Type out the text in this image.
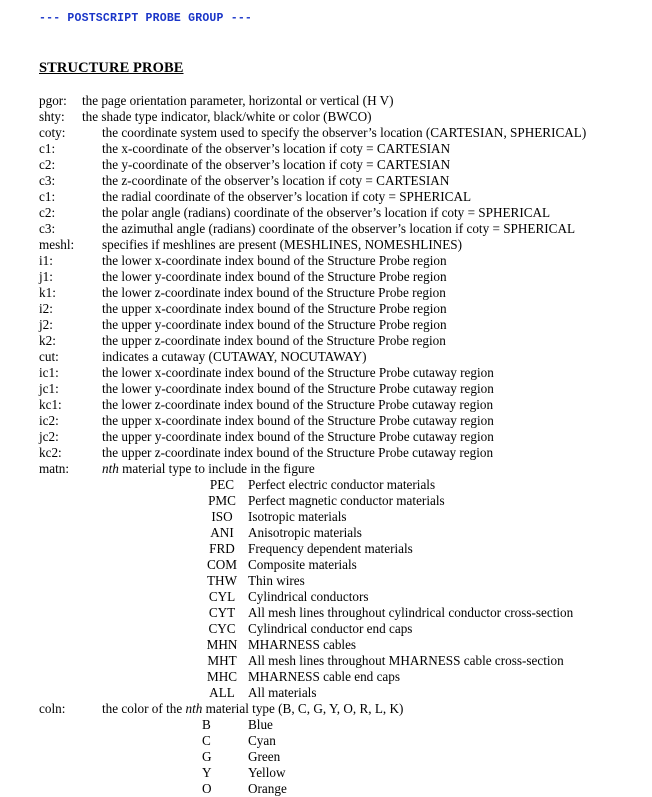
--- POSTSCRIPT PROBE GROUP ---
STRUCTURE PROBE
pgor: the page orientation parameter, horizontal or vertical (H V)
shty: the shade type indicator, black/white or color (BWCO)
coty:	the coordinate system used to specify the observer’s location (CARTESIAN, SPHERICAL)
c1:	the x-coordinate of the observer’s location if coty = CARTESIAN
c2:	the y-coordinate of the observer’s location if coty = CARTESIAN
c3:	the z-coordinate of the observer’s location if coty = CARTESIAN
c1:	the radial coordinate of the observer’s location if coty = SPHERICAL
c2:	the polar angle (radians) coordinate of the observer’s location if coty = SPHERICAL
c3:	the azimuthal angle (radians) coordinate of the observer’s location if coty = SPHERICAL
meshl: specifies if meshlines are present (MESHLINES, NOMESHLINES)
i1:	the lower x-coordinate index bound of the Structure Probe region
j1:	the lower y-coordinate index bound of the Structure Probe region
k1:	the lower z-coordinate index bound of the Structure Probe region
i2:	the upper x-coordinate index bound of the Structure Probe region
j2:	the upper y-coordinate index bound of the Structure Probe region
k2:	the upper z-coordinate index bound of the Structure Probe region
cut:	indicates a cutaway (CUTAWAY, NOCUTAWAY)
ic1:	the lower x-coordinate index bound of the Structure Probe cutaway region
jc1:	the lower y-coordinate index bound of the Structure Probe cutaway region
kc1:	the lower z-coordinate index bound of the Structure Probe cutaway region
ic2:	the upper x-coordinate index bound of the Structure Probe cutaway region
jc2:	the upper y-coordinate index bound of the Structure Probe cutaway region
kc2:	the upper z-coordinate index bound of the Structure Probe cutaway region
matn: nth material type to include in the figure
PEC	Perfect electric conductor materials
PMC Perfect magnetic conductor materials
ISO	Isotropic materials
ANI	Anisotropic materials
FRD Frequency dependent materials
COM Composite materials
THW Thin wires
CYL Cylindrical conductors
CYT All mesh lines throughout cylindrical conductor cross-section
CYC Cylindrical conductor end caps
MHN MHARNESS cables
MHT All mesh lines throughout MHARNESS cable cross-section
MHC MHARNESS cable end caps
ALL All materials
coln:	the color of the nth material type (B, C, G, Y, O, R, L, K)
B	Blue
C	Cyan
G	Green
Y	Yellow
O	Orange
